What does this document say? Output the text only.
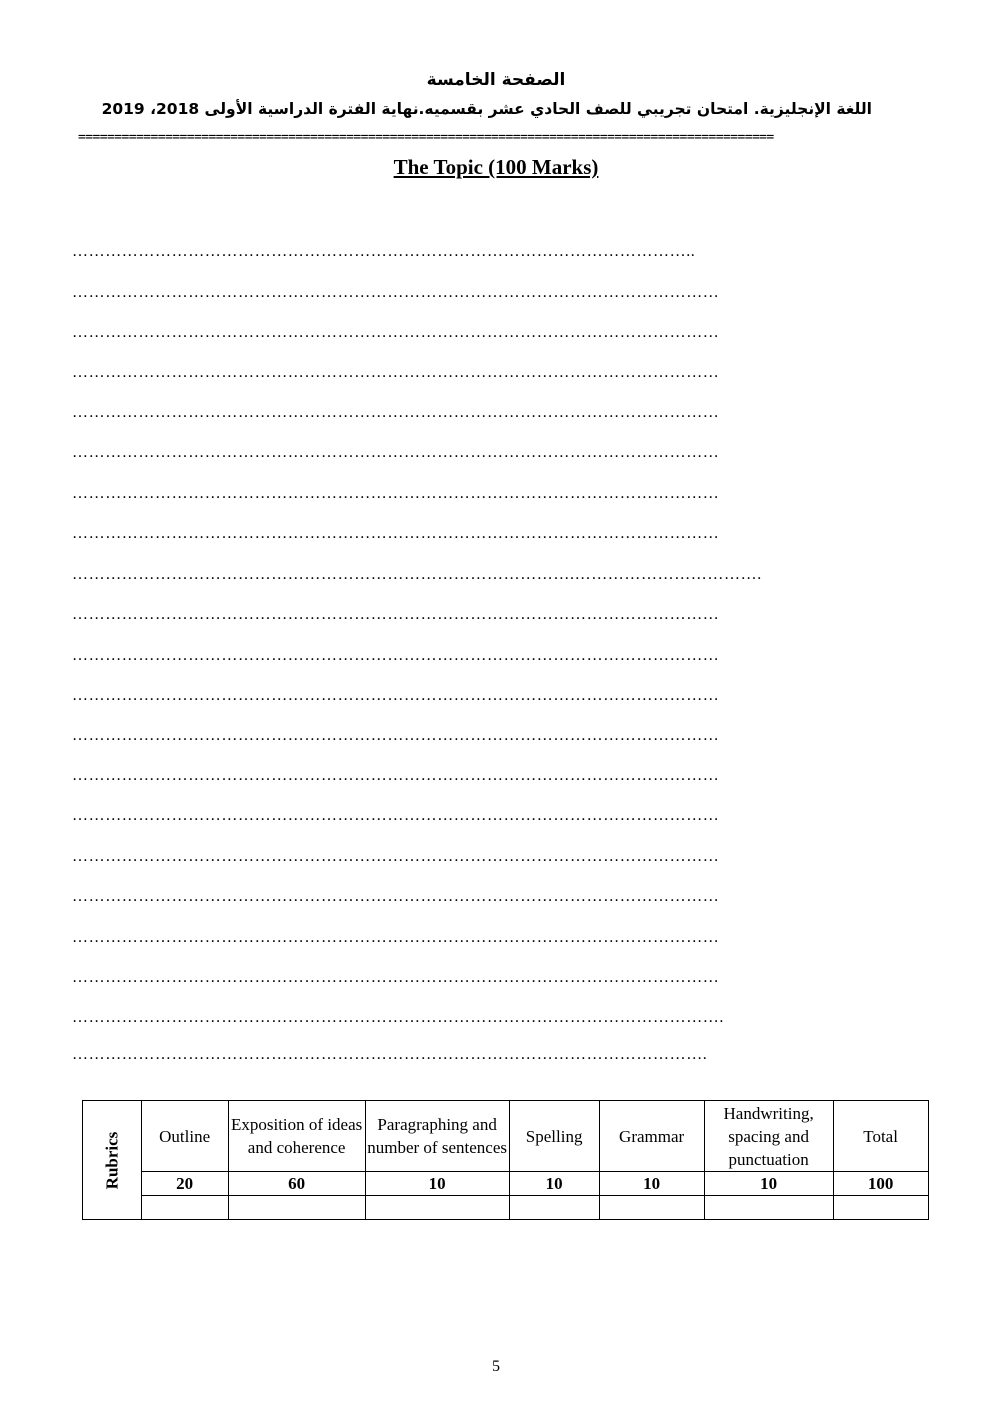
الصفحة الخامسة
اللغة الإنجليزية. امتحان تجريبي للصف الحادي عشر بقسميه.نهاية الفترة الدراسية الأولى 2018، 2019
================================================================================================
The Topic (100 Marks)
…………………………………………………………………………………………………..
………………………………………………………………………………………………………
………………………………………………………………………………………………………
………………………………………………………………………………………………………
………………………………………………………………………………………………………
………………………………………………………………………………………………………
………………………………………………………………………………………………………
………………………………………………………………………………………………………
……………………………………………………………………………….…………………………….
………………………………………………………………………………………………………
………………………………………………………………………………………………………
………………………………………………………………………………………………………
………………………………………………………………………………………………………
………………………………………………………………………………………………………
………………………………………………………………………………………………………
………………………………………………………………………………………………………
………………………………………………………………………………………………………
………………………………………………………………………………………………………
………………………………………………………………………………………………………
……………………………………………………………………………………………………….
…………………………………………………………………………………………………….
Rubrics	Outline	Exposition of ideas and coherence	Paragraphing and number of sentences	Spelling	Grammar	Handwriting, spacing and punctuation	Total
	20	60	10	10	10	10	100

5
